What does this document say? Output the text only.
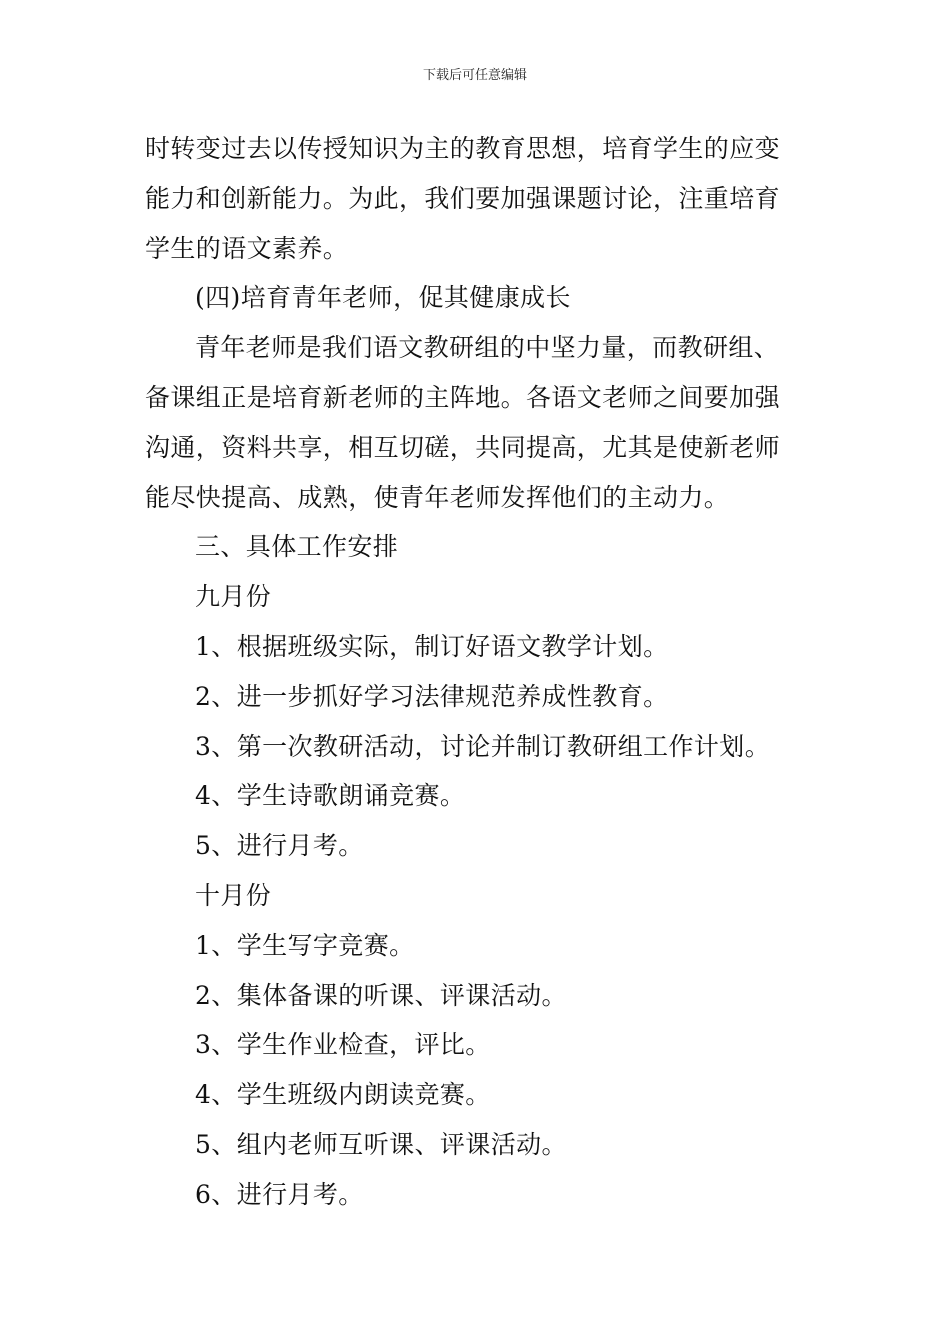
下载后可任意编辑
时转变过去以传授知识为主的教育思想，培育学生的应变
能力和创新能力。为此，我们要加强课题讨论，注重培育
学生的语文素养。
(四)培育青年老师，促其健康成长
青年老师是我们语文教研组的中坚力量，而教研组、
备课组正是培育新老师的主阵地。各语文老师之间要加强
沟通，资料共享，相互切磋，共同提高，尤其是使新老师
能尽快提高、成熟，使青年老师发挥他们的主动力。
三、具体工作安排
九月份
1、根据班级实际，制订好语文教学计划。
2、进一步抓好学习法律规范养成性教育。
3、第一次教研活动，讨论并制订教研组工作计划。
4、学生诗歌朗诵竞赛。
5、进行月考。
十月份
1、学生写字竞赛。
2、集体备课的听课、评课活动。
3、学生作业检查，评比。
4、学生班级内朗读竞赛。
5、组内老师互听课、评课活动。
6、进行月考。
